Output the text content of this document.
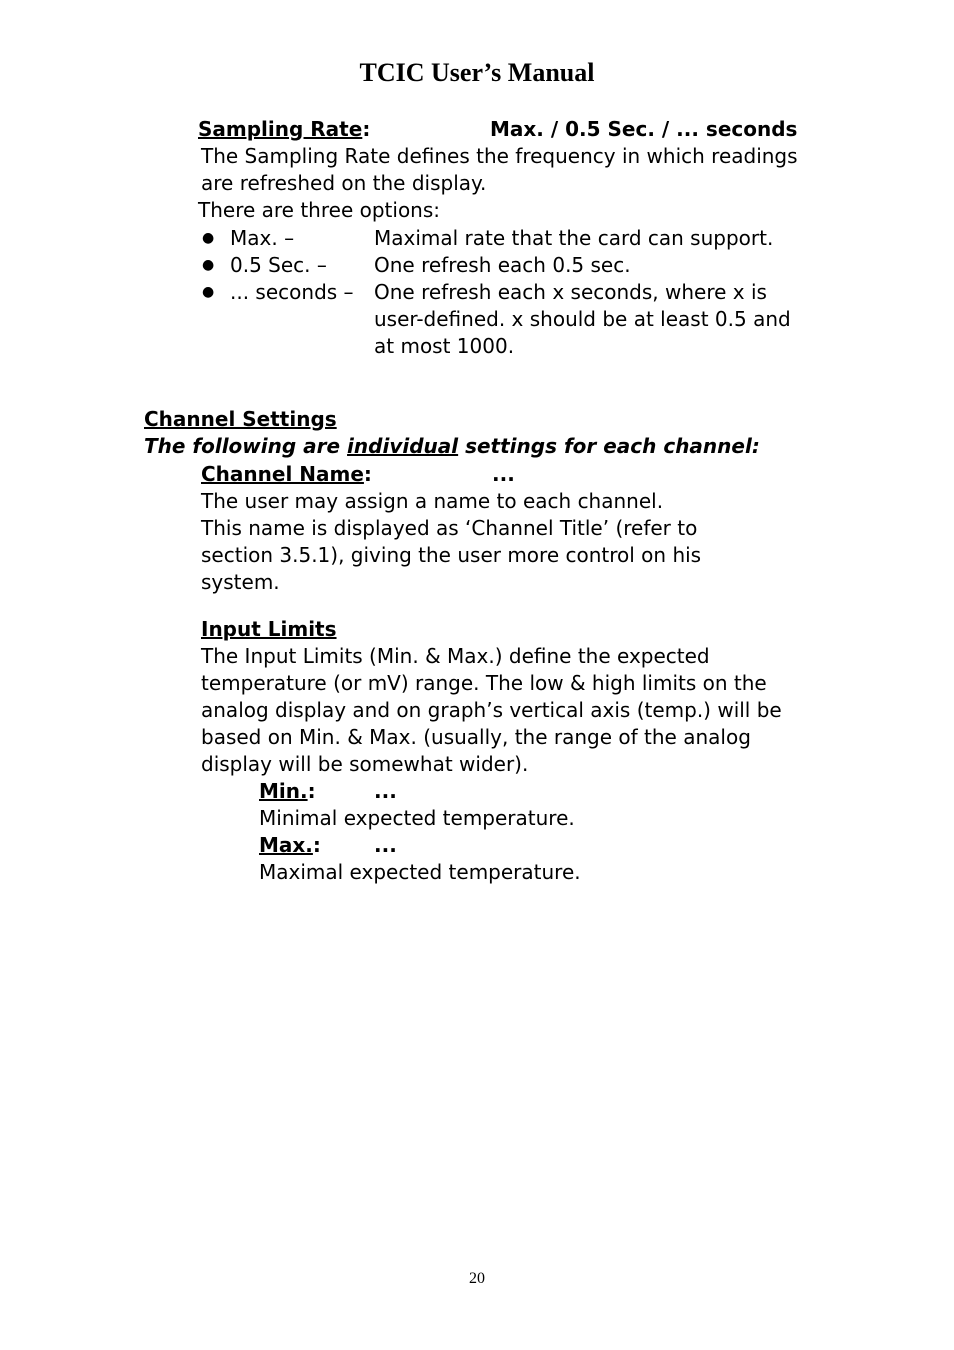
TCIC User’s Manual
Sampling Rate:	Max. / 0.5 Sec. / ... seconds
The Sampling Rate defines the frequency in which readings
are refreshed on the display.
There are three options:
● Max. –	Maximal rate that the card can support.
● 0.5 Sec. – One refresh each 0.5 sec.
● ... seconds – One refresh each x seconds, where x is
user-defined. x should be at least 0.5 and
at most 1000.
Channel Settings
The following are individual settings for each channel:
Channel Name:	...
The user may assign a name to each channel.
This name is displayed as ‘Channel Title’ (refer to
section 3.5.1), giving the user more control on his
system.
Input Limits
The Input Limits (Min. & Max.) define the expected
temperature (or mV) range. The low & high limits on the
analog display and on graph’s vertical axis (temp.) will be
based on Min. & Max. (usually, the range of the analog
display will be somewhat wider).
Min.:	...
Minimal expected temperature.
Max.:	...
Maximal expected temperature.
20
